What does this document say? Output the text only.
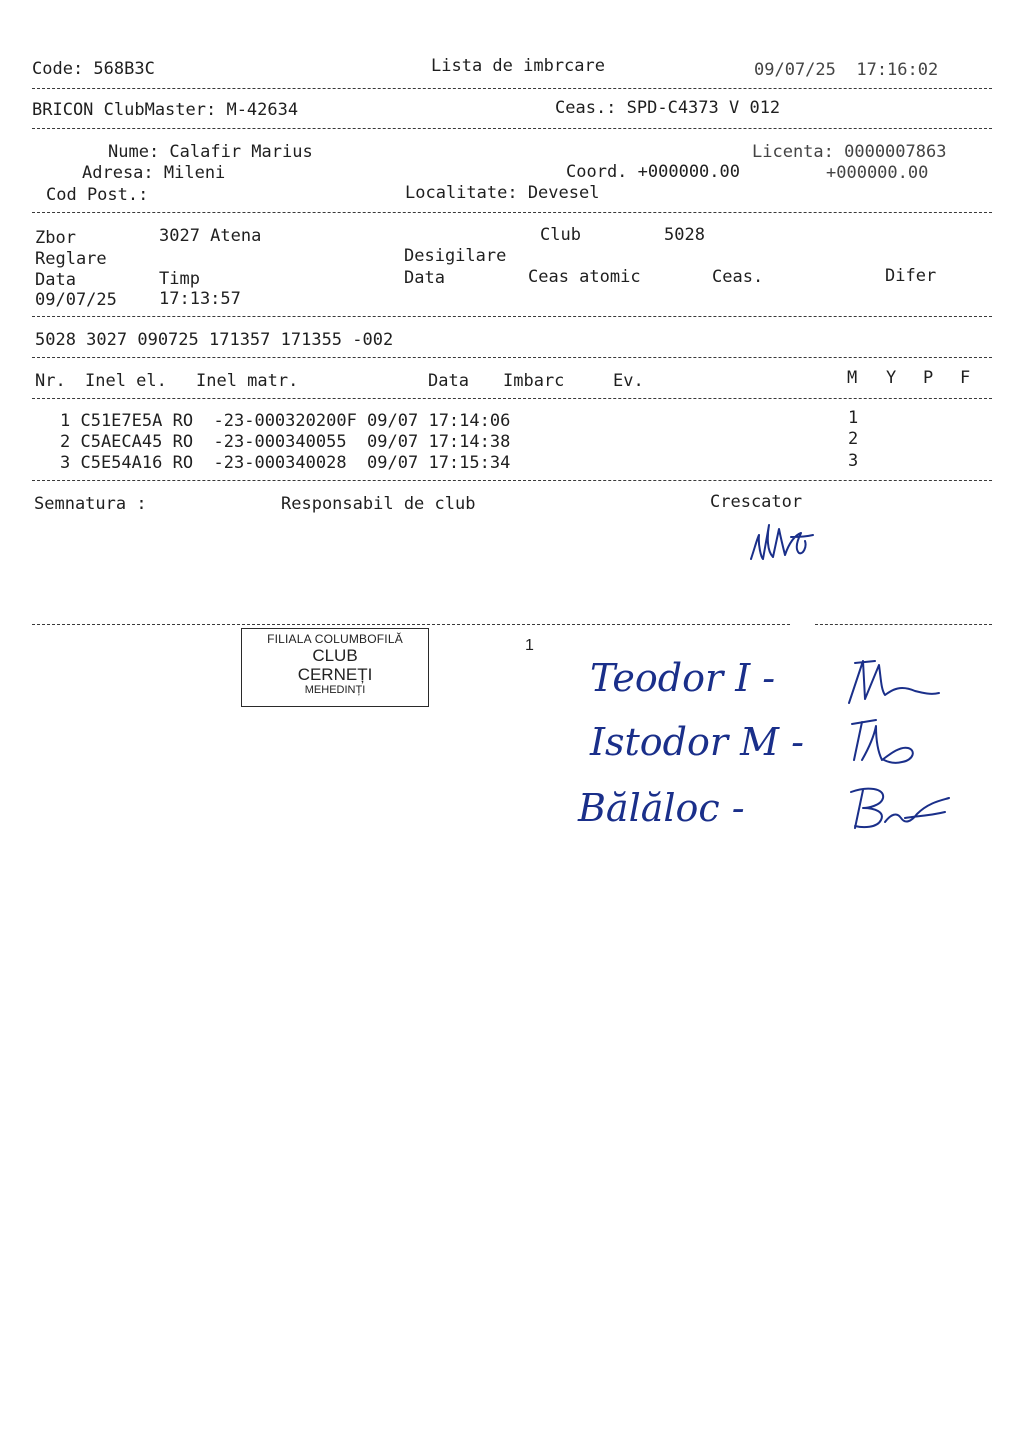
Code: 568B3C	Lista de imbrcare	09/07/25  17:16:02
BRICON ClubMaster: M-42634	Ceas.: SPD-C4373 V 012
Nume: Calafir Marius	Licenta: 0000007863
Adresa: Mileni	Coord. +000000.00	+000000.00
Cod Post.:	Localitate: Devesel
Zbor	3027 Atena	Club	5028
Reglare	Desigilare
Data	Timp	Data	Ceas atomic	Ceas.	Difer
09/07/25 17:13:57
5028 3027 090725 171357 171355 -002
Nr. Inel el. Inel matr.	Data Imbarc	Ev.	M Y P F
1 C51E7E5A RO  -23-000320200F 09/07 17:14:06	1
2 C5AECA45 RO  -23-000340055  09/07 17:14:38	2
3 C5E54A16 RO  -23-000340028  09/07 17:15:34	3
Semnatura :	Responsabil de club	Crescator
FILIALA COLUMBOFILĂ
CLUB
CERNEȚI
MEHEDINȚI
1
Teodor I -
Istodor M -
Bălăloc -
